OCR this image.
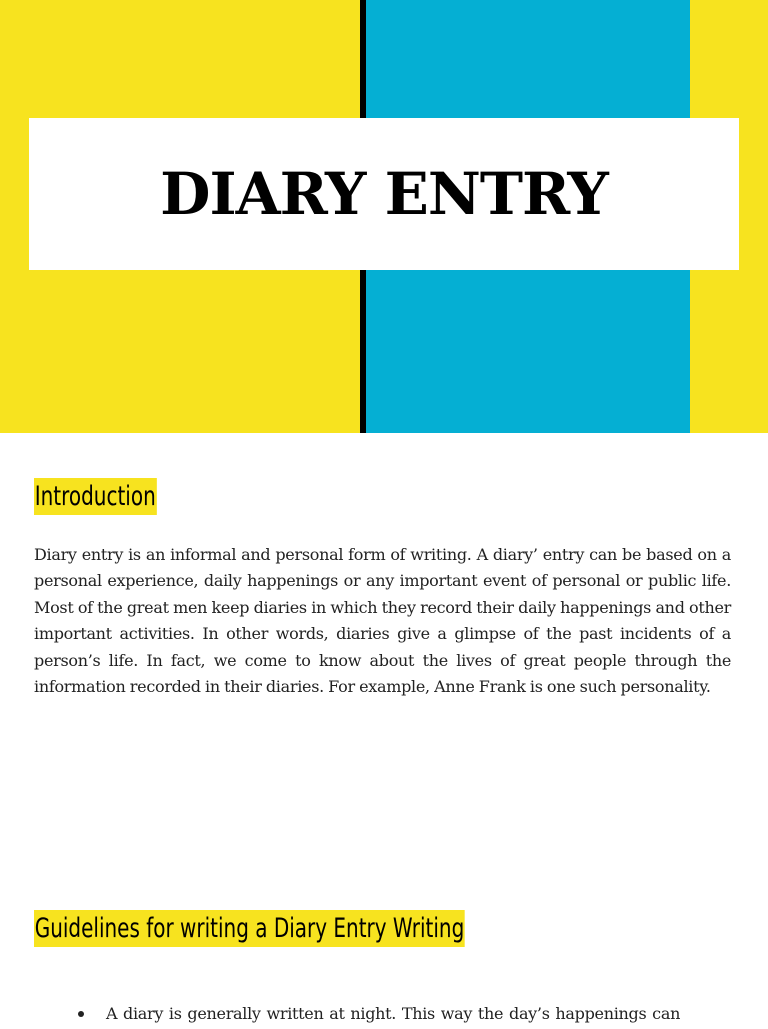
DIARY ENTRY
Introduction

Diary entry is an informal and personal form of writing. A diary’ entry can be based on a personal experience, daily happenings or any important event of personal or public life. Most of the great men keep diaries in which they record their daily happenings and other important activities. In other words, diaries give a glimpse of the past incidents of a person’s life. In fact, we come to know about the lives of great people through the information recorded in their diaries. For example, Anne Frank is one such personality.

Guidelines for writing a Diary Entry Writing
A diary is generally written at night. This way the day’s happenings can
